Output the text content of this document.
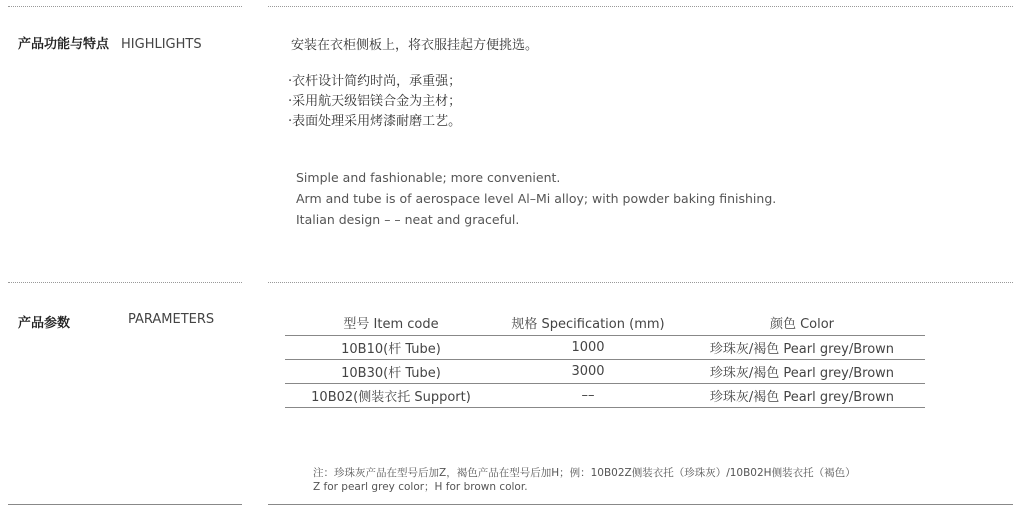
产品功能与特点 HIGHLIGHTS	安装在衣柜侧板上，将衣服挂起方便挑选。
·衣杆设计简约时尚，承重强；
·采用航天级铝镁合金为主材；
·表面处理采用烤漆耐磨工艺。
Simple and fashionable; more convenient.
Arm and tube is of aerospace level Al–Mi alloy; with powder baking finishing.
Italian design – – neat and graceful.
产品参数	PARAMETERS	型号 Item code	规格 Specification (mm)	颜色 Color
10B10(杆 Tube)	1000	珍珠灰/褐色 Pearl grey/Brown
10B30(杆 Tube)	3000	珍珠灰/褐色 Pearl grey/Brown
10B02(侧装衣托 Support)	––	珍珠灰/褐色 Pearl grey/Brown
注：珍珠灰产品在型号后加Z，褐色产品在型号后加H；例：10B02Z侧装衣托（珍珠灰）/10B02H侧装衣托（褐色）
Z for pearl grey color；H for brown color.
